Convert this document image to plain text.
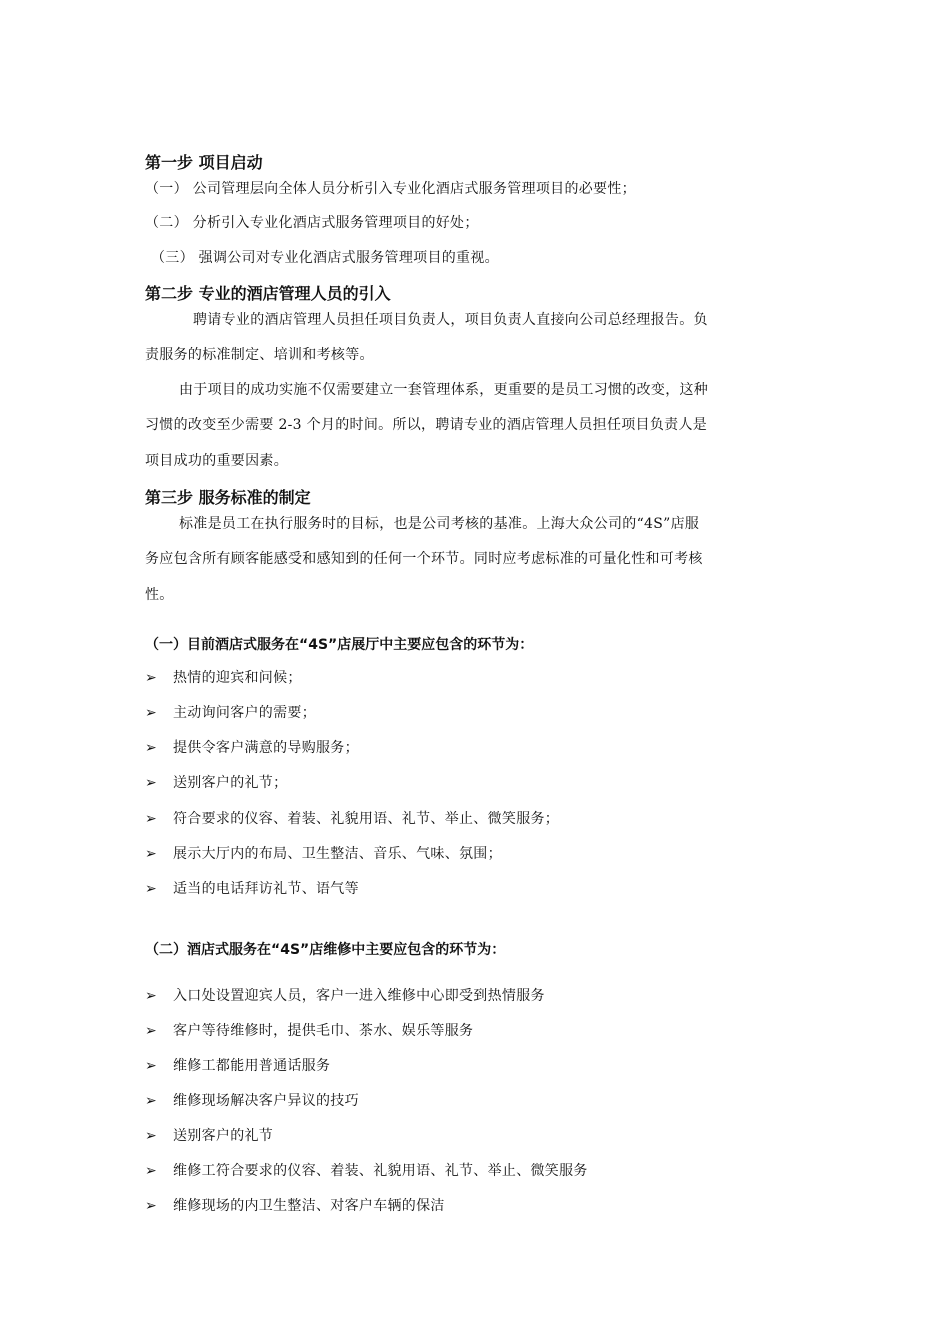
第一步 项目启动
（一） 公司管理层向全体人员分析引入专业化酒店式服务管理项目的必要性；
（二） 分析引入专业化酒店式服务管理项目的好处；
（三） 强调公司对专业化酒店式服务管理项目的重视。
第二步 专业的酒店管理人员的引入
聘请专业的酒店管理人员担任项目负责人，项目负责人直接向公司总经理报告。负
责服务的标准制定、培训和考核等。
由于项目的成功实施不仅需要建立一套管理体系，更重要的是员工习惯的改变，这种
习惯的改变至少需要 2-3 个月的时间。所以，聘请专业的酒店管理人员担任项目负责人是
项目成功的重要因素。
第三步 服务标准的制定
标准是员工在执行服务时的目标，也是公司考核的基准。上海大众公司的“4S”店服
务应包含所有顾客能感受和感知到的任何一个环节。同时应考虑标准的可量化性和可考核
性。
（一）目前酒店式服务在“4S”店展厅中主要应包含的环节为：
➢ 热情的迎宾和问候；
➢ 主动询问客户的需要；
➢ 提供令客户满意的导购服务；
➢ 送别客户的礼节；
➢ 符合要求的仪容、着装、礼貌用语、礼节、举止、微笑服务；
➢ 展示大厅内的布局、卫生整洁、音乐、气味、氛围；
➢ 适当的电话拜访礼节、语气等
（二）酒店式服务在“4S”店维修中主要应包含的环节为：
➢ 入口处设置迎宾人员，客户一进入维修中心即受到热情服务
➢ 客户等待维修时，提供毛巾、茶水、娱乐等服务
➢ 维修工都能用普通话服务
➢ 维修现场解决客户异议的技巧
➢ 送别客户的礼节
➢ 维修工符合要求的仪容、着装、礼貌用语、礼节、举止、微笑服务
➢ 维修现场的内卫生整洁、对客户车辆的保洁
